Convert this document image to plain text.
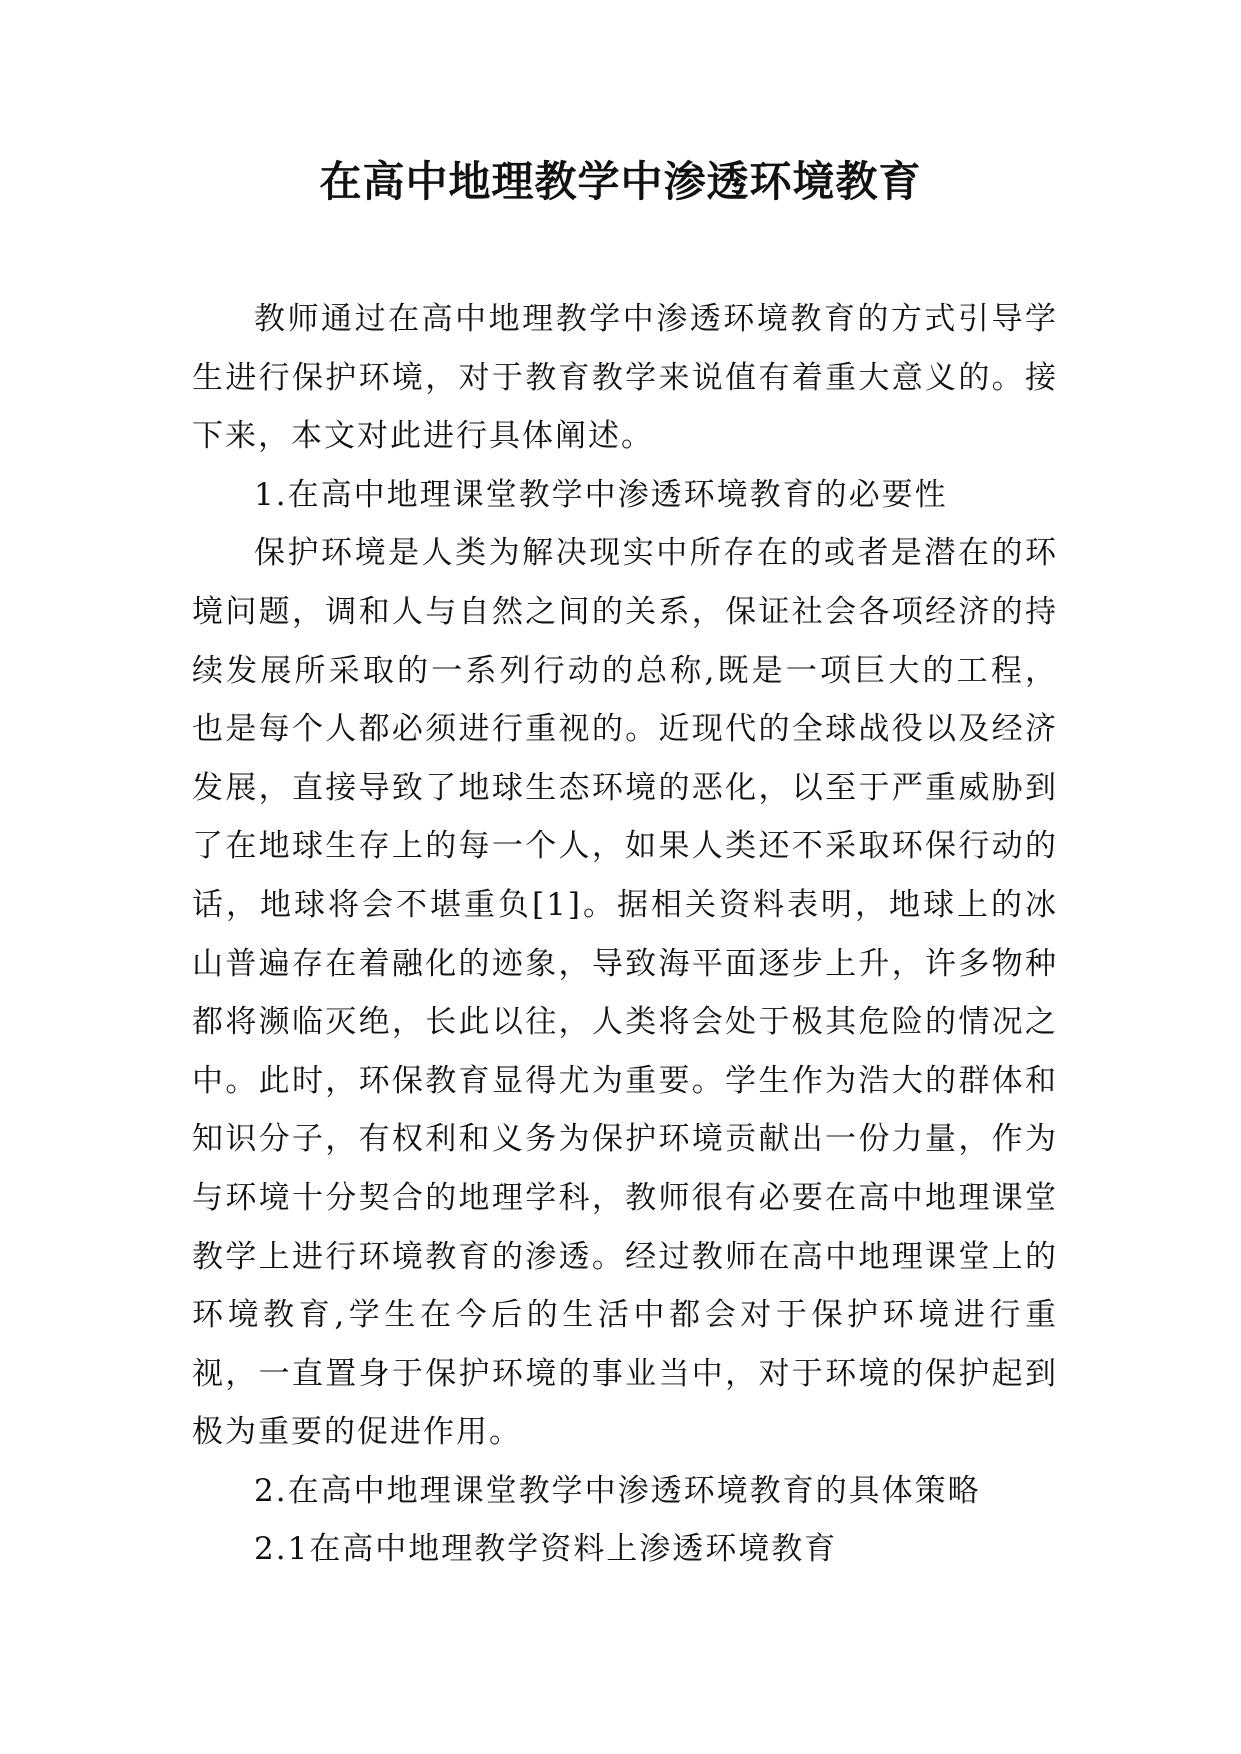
在高中地理教学中渗透环境教育

教师通过在高中地理教学中渗透环境教育的方式引导学生进行保护环境，对于教育教学来说值有着重大意义的。接下来，本文对此进行具体阐述。

1.在高中地理课堂教学中渗透环境教育的必要性

保护环境是人类为解决现实中所存在的或者是潜在的环境问题，调和人与自然之间的关系，保证社会各项经济的持续发展所采取的一系列行动的总称,既是一项巨大的工程，也是每个人都必须进行重视的。近现代的全球战役以及经济发展，直接导致了地球生态环境的恶化，以至于严重威胁到了在地球生存上的每一个人，如果人类还不采取环保行动的话，地球将会不堪重负[1]。据相关资料表明，地球上的冰山普遍存在着融化的迹象，导致海平面逐步上升，许多物种都将濒临灭绝，长此以往，人类将会处于极其危险的情况之中。此时，环保教育显得尤为重要。学生作为浩大的群体和知识分子，有权利和义务为保护环境贡献出一份力量，作为与环境十分契合的地理学科，教师很有必要在高中地理课堂教学上进行环境教育的渗透。经过教师在高中地理课堂上的环境教育,学生在今后的生活中都会对于保护环境进行重视，一直置身于保护环境的事业当中，对于环境的保护起到极为重要的促进作用。

2.在高中地理课堂教学中渗透环境教育的具体策略

2.1在高中地理教学资料上渗透环境教育
